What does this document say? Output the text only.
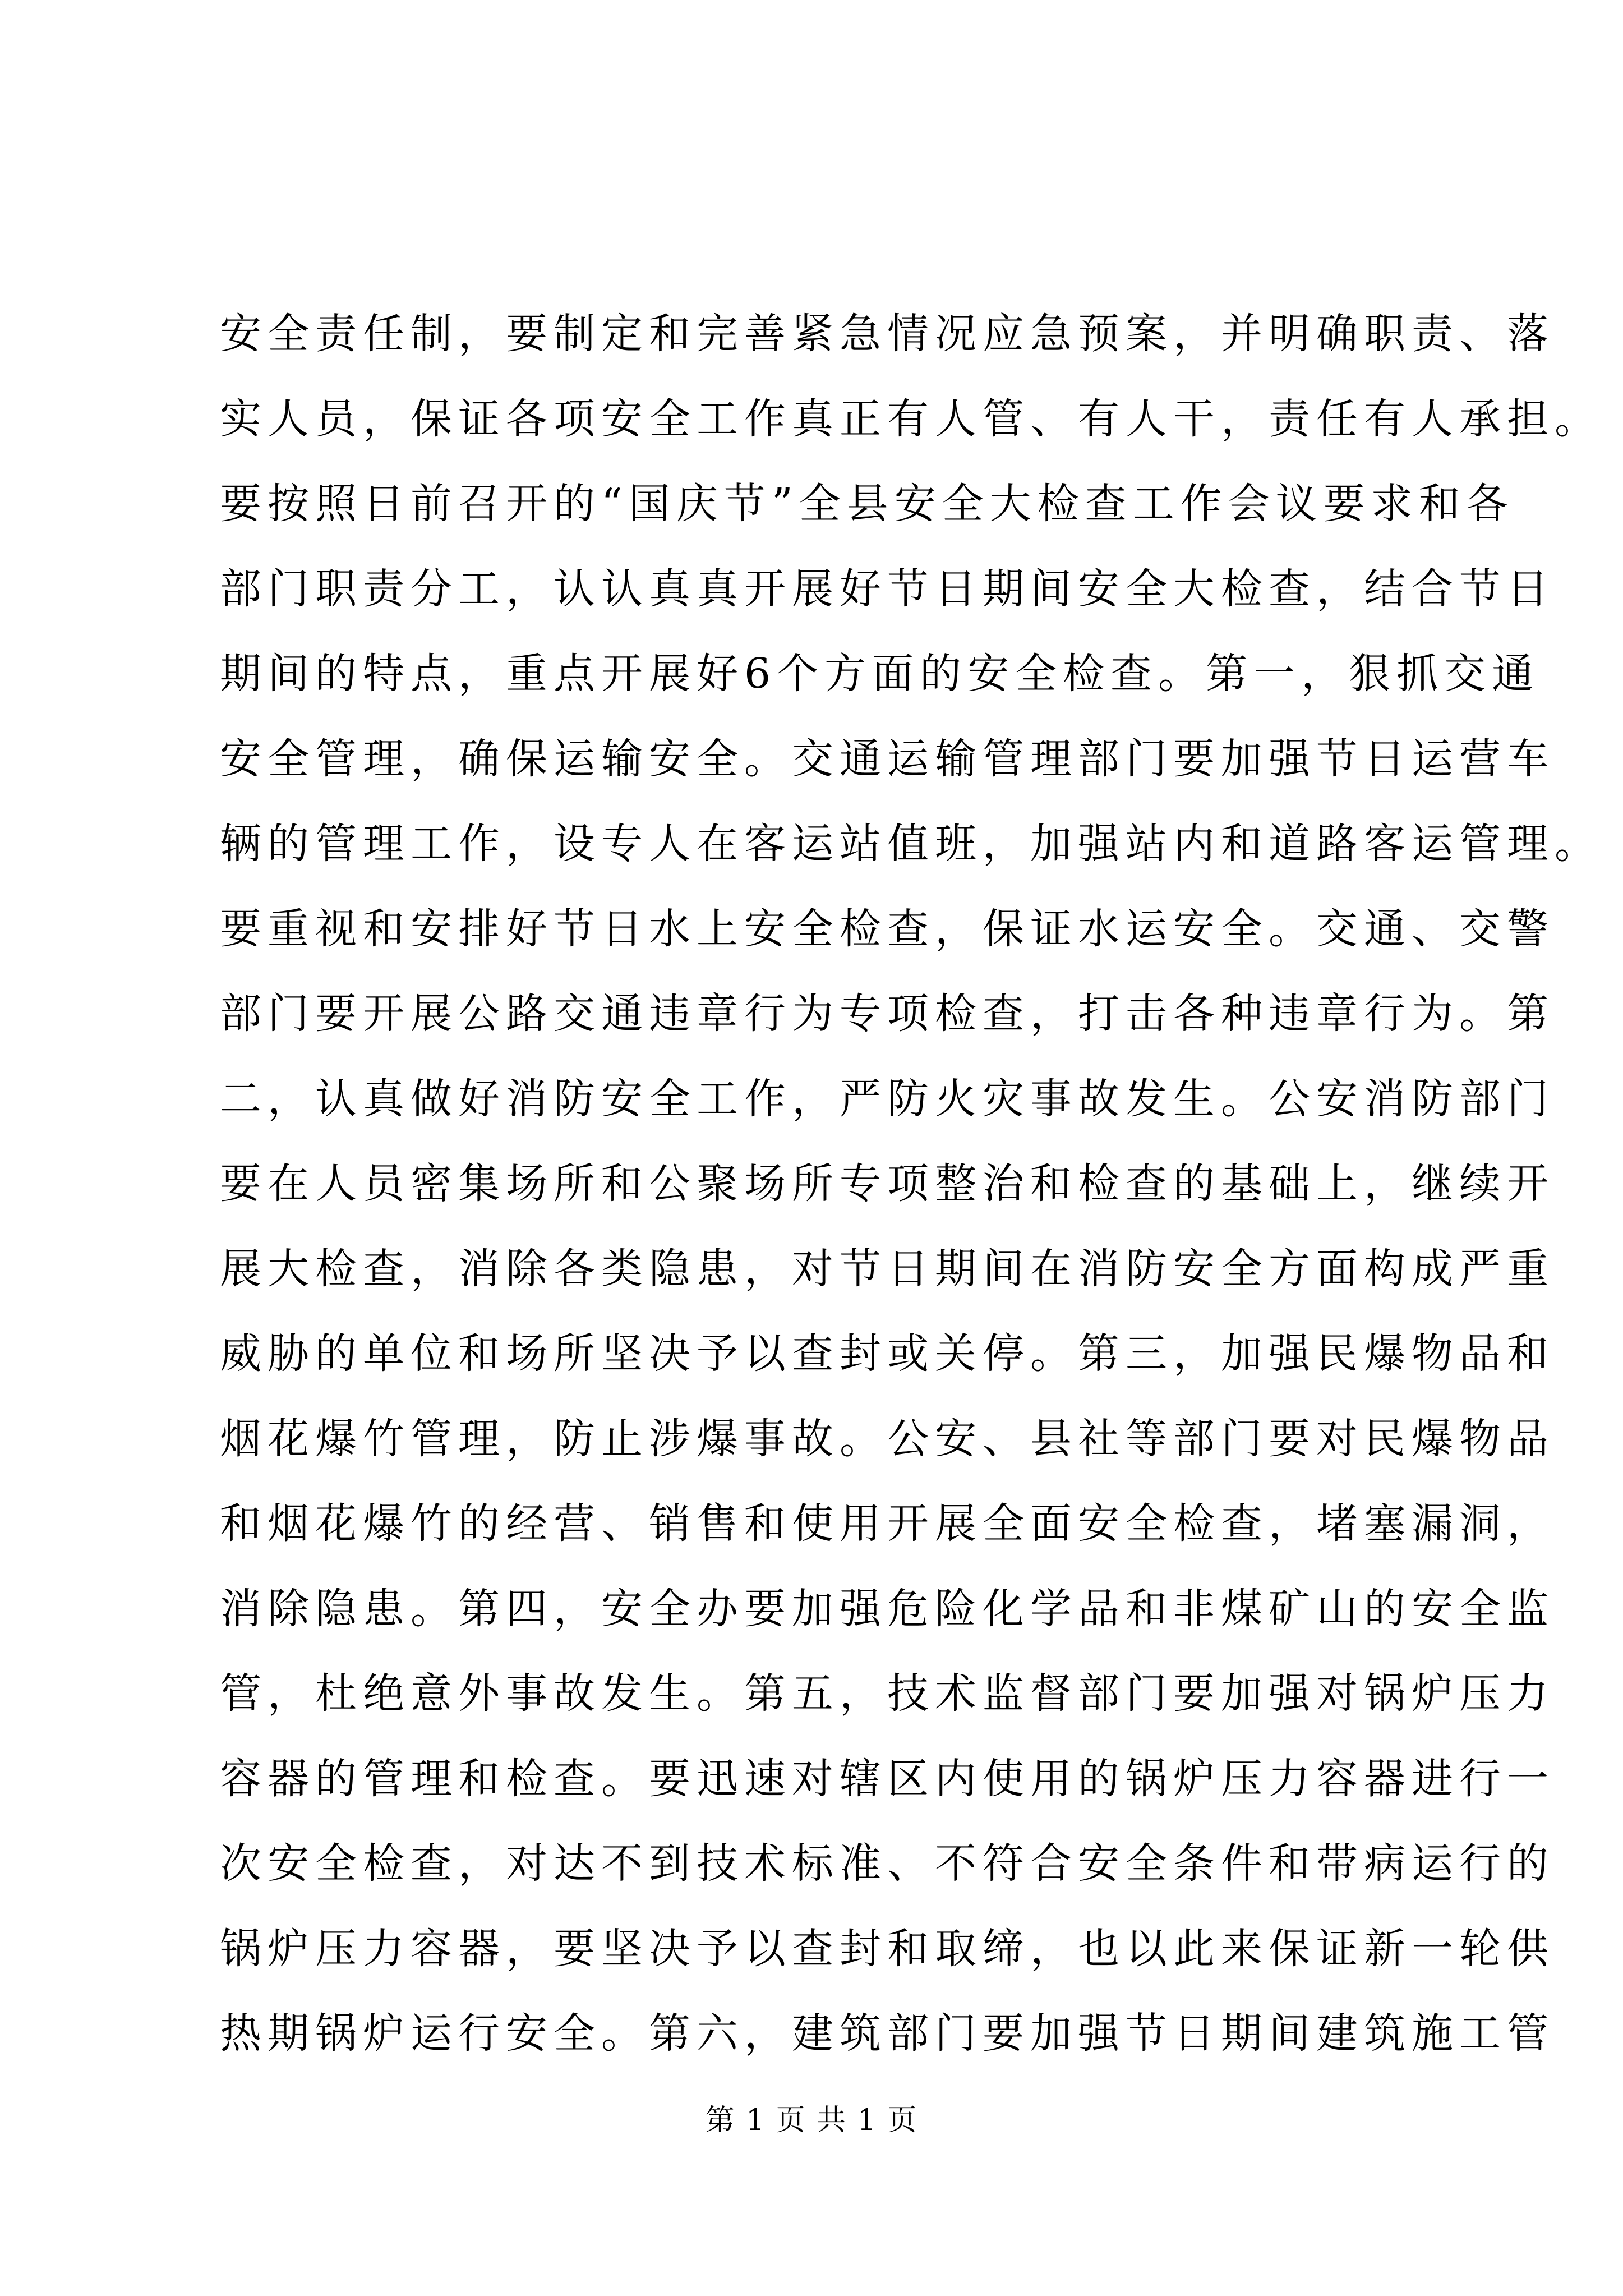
安全责任制，要制定和完善紧急情况应急预案，并明确职责、落
实人员，保证各项安全工作真正有人管、有人干，责任有人承担。
要按照日前召开的“国庆节”全县安全大检查工作会议要求和各
部门职责分工，认认真真开展好节日期间安全大检查，结合节日
期间的特点，重点开展好6个方面的安全检查。第一，狠抓交通
安全管理，确保运输安全。交通运输管理部门要加强节日运营车
辆的管理工作，设专人在客运站值班，加强站内和道路客运管理。
要重视和安排好节日水上安全检查，保证水运安全。交通、交警
部门要开展公路交通违章行为专项检查，打击各种违章行为。第
二，认真做好消防安全工作，严防火灾事故发生。公安消防部门
要在人员密集场所和公聚场所专项整治和检查的基础上，继续开
展大检查，消除各类隐患，对节日期间在消防安全方面构成严重
威胁的单位和场所坚决予以查封或关停。第三，加强民爆物品和
烟花爆竹管理，防止涉爆事故。公安、县社等部门要对民爆物品
和烟花爆竹的经营、销售和使用开展全面安全检查，堵塞漏洞，
消除隐患。第四，安全办要加强危险化学品和非煤矿山的安全监
管，杜绝意外事故发生。第五，技术监督部门要加强对锅炉压力
容器的管理和检查。要迅速对辖区内使用的锅炉压力容器进行一
次安全检查，对达不到技术标准、不符合安全条件和带病运行的
锅炉压力容器，要坚决予以查封和取缔，也以此来保证新一轮供
热期锅炉运行安全。第六，建筑部门要加强节日期间建筑施工管
第 1 页 共 1 页
